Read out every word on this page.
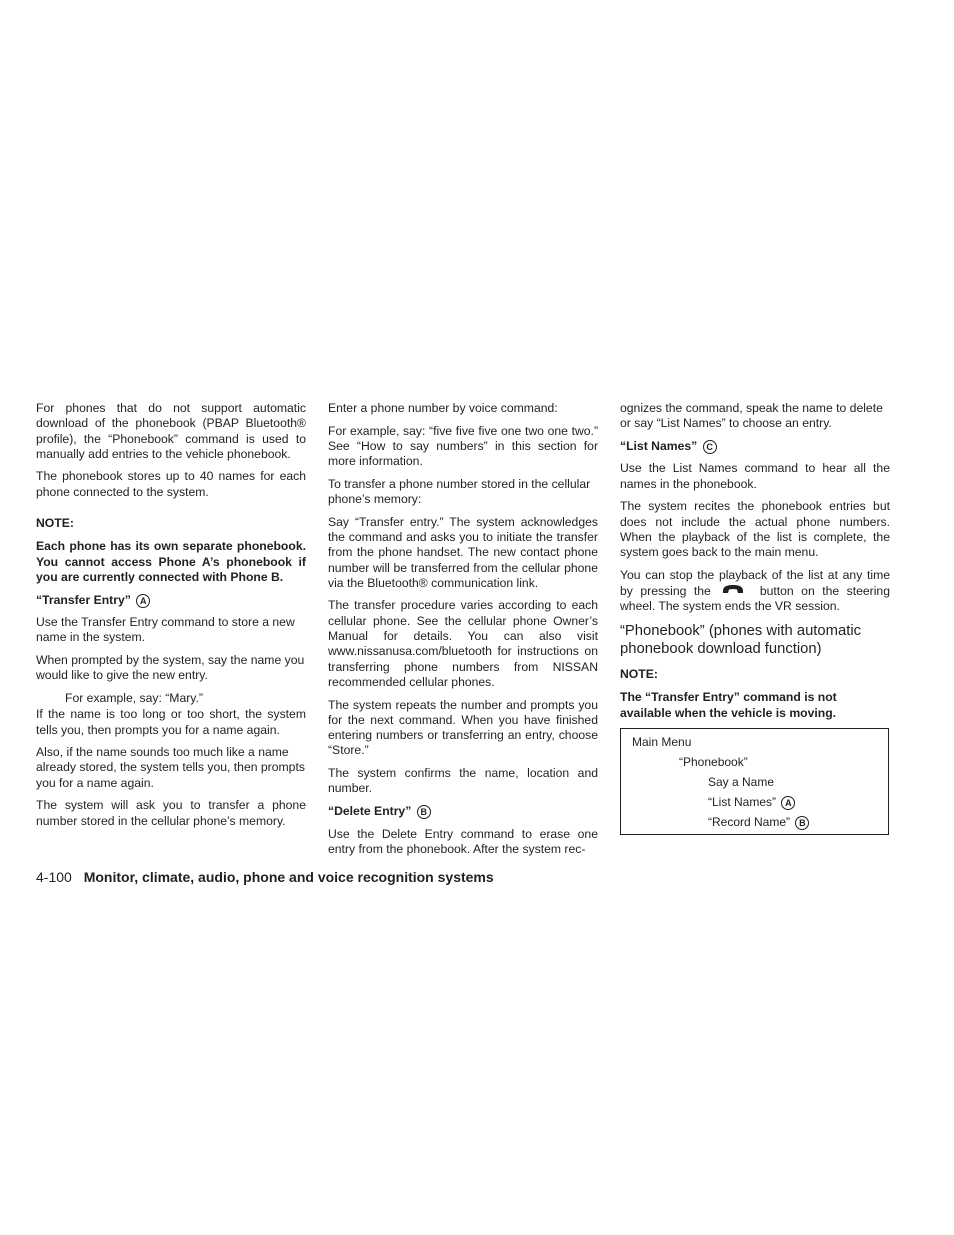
For phones that do not support automatic download of the phonebook (PBAP Bluetooth® profile), the “Phonebook” command is used to manually add entries to the vehicle phonebook.

The phonebook stores up to 40 names for each phone connected to the system.

NOTE:

Each phone has its own separate phonebook. You cannot access Phone A’s phonebook if you are currently connected with Phone B.

“Transfer Entry” A

Use the Transfer Entry command to store a new name in the system.

When prompted by the system, say the name you would like to give the new entry.

For example, say: “Mary.”

If the name is too long or too short, the system tells you, then prompts you for a name again.

Also, if the name sounds too much like a name already stored, the system tells you, then prompts you for a name again.

The system will ask you to transfer a phone number stored in the cellular phone’s memory.

Enter a phone number by voice command:

For example, say: “five five five one two one two.” See “How to say numbers” in this section for more information.

To transfer a phone number stored in the cellular phone’s memory:

Say “Transfer entry.” The system acknowledges the command and asks you to initiate the transfer from the phone handset. The new contact phone number will be transferred from the cellular phone via the Bluetooth® communication link.

The transfer procedure varies according to each cellular phone. See the cellular phone Owner’s Manual for details. You can also visit www.nissanusa.com/bluetooth for instructions on transferring phone numbers from NISSAN recommended cellular phones.

The system repeats the number and prompts you for the next command. When you have finished entering numbers or transferring an entry, choose “Store.”

The system confirms the name, location and number.

“Delete Entry” B

Use the Delete Entry command to erase one entry from the phonebook. After the system rec-

ognizes the command, speak the name to delete or say “List Names” to choose an entry.

“List Names” C

Use the List Names command to hear all the names in the phonebook.

The system recites the phonebook entries but does not include the actual phone numbers. When the playback of the list is complete, the system goes back to the main menu.

You can stop the playback of the list at any time by pressing the	button on the steering wheel. The system ends the VR session.

“Phonebook” (phones with automatic phonebook download function)
NOTE:

The “Transfer Entry” command is not available when the vehicle is moving.

Main Menu
“Phonebook”
Say a Name
“List Names” A
“Record Name” B
4-100 Monitor, climate, audio, phone and voice recognition systems
